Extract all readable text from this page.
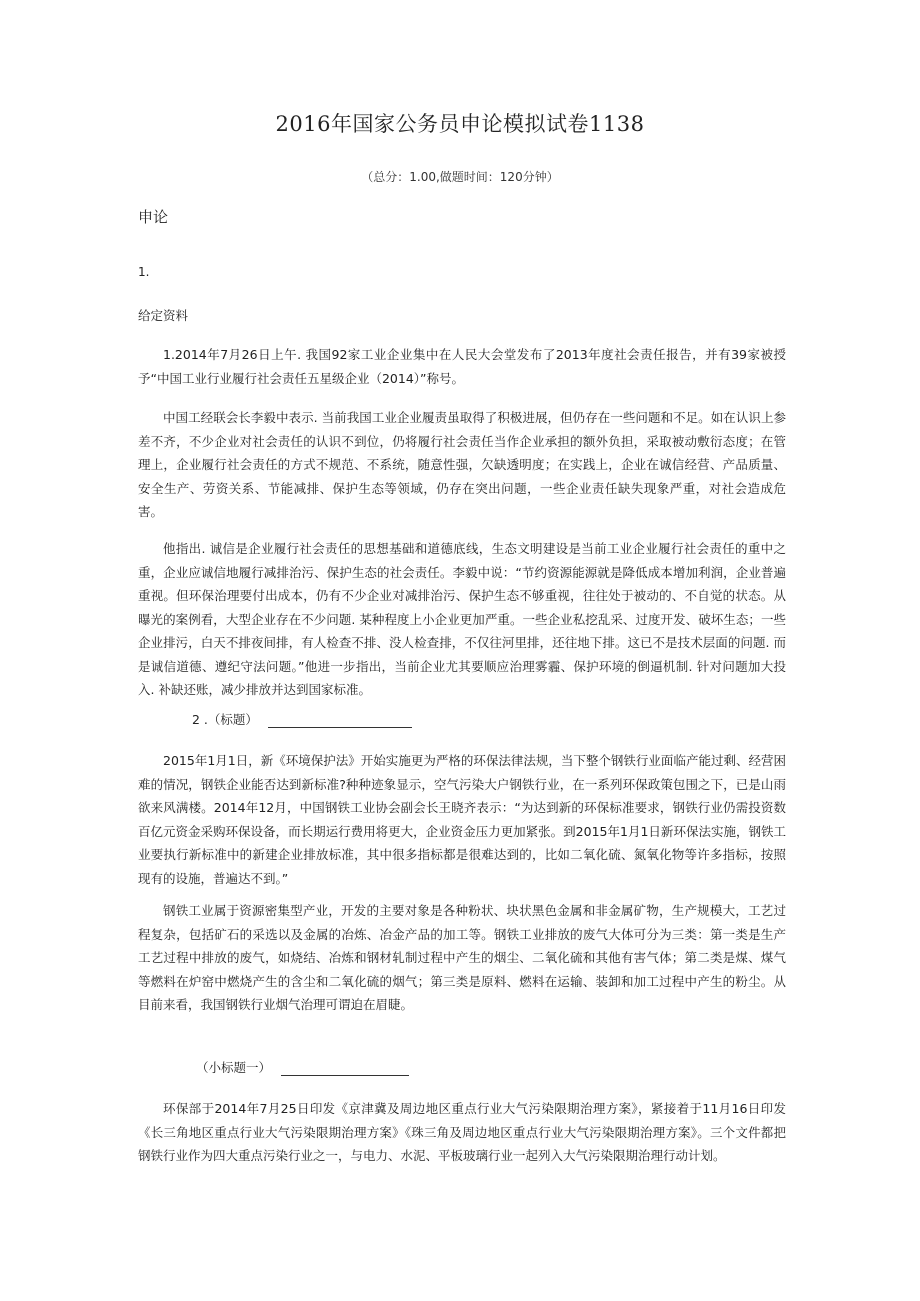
2016年国家公务员申论模拟试卷1138
（总分：1.00,做题时间：120分钟）
申论
1.
给定资料

1.2014年7月26日上午. 我国92家工业企业集中在人民大会堂发布了2013年度社会责任报告，并有39家被授予“中国工业行业履行社会责任五星级企业（2014）”称号。

中国工经联会长李毅中表示. 当前我国工业企业履责虽取得了积极进展，但仍存在一些问题和不足。如在认识上参差不齐，不少企业对社会责任的认识不到位，仍将履行社会责任当作企业承担的额外负担，采取被动敷衍态度；在管理上，企业履行社会责任的方式不规范、不系统，随意性强，欠缺透明度；在实践上，企业在诚信经营、产品质量、安全生产、劳资关系、节能减排、保护生态等领域，仍存在突出问题，一些企业责任缺失现象严重，对社会造成危害。

他指出. 诚信是企业履行社会责任的思想基础和道德底线，生态文明建设是当前工业企业履行社会责任的重中之重，企业应诚信地履行减排治污、保护生态的社会责任。李毅中说：“节约资源能源就是降低成本增加利润，企业普遍重视。但环保治理要付出成本，仍有不少企业对减排治污、保护生态不够重视，往往处于被动的、不自觉的状态。从曝光的案例看，大型企业存在不少问题. 某种程度上小企业更加严重。一些企业私挖乱采、过度开发、破坏生态；一些企业排污，白天不排夜间排，有人检查不排、没人检查排，不仅往河里排，还往地下排。这已不是技术层面的问题. 而是诚信道德、遵纪守法问题。”他进一步指出，当前企业尤其要顺应治理雾霾、保护环境的倒逼机制. 针对问题加大投入. 补缺还账，减少排放并达到国家标准。

2 .（标题）

2015年1月1日，新《环境保护法》开始实施更为严格的环保法律法规，当下整个钢铁行业面临产能过剩、经营困难的情况，钢铁企业能否达到新标准?种种迹象显示，空气污染大户钢铁行业，在一系列环保政策包围之下，已是山雨欲来风满楼。2014年12月，中国钢铁工业协会副会长王晓齐表示：“为达到新的环保标准要求，钢铁行业仍需投资数百亿元资金采购环保设备，而长期运行费用将更大，企业资金压力更加紧张。到2015年1月1日新环保法实施，钢铁工业要执行新标准中的新建企业排放标准，其中很多指标都是很难达到的，比如二氧化硫、氮氧化物等许多指标，按照现有的设施，普遍达不到。”

钢铁工业属于资源密集型产业，开发的主要对象是各种粉状、块状黑色金属和非金属矿物，生产规模大，工艺过程复杂，包括矿石的采选以及金属的冶炼、冶金产品的加工等。钢铁工业排放的废气大体可分为三类：第一类是生产工艺过程中排放的废气，如烧结、冶炼和钢材轧制过程中产生的烟尘、二氧化硫和其他有害气体；第二类是煤、煤气等燃料在炉窑中燃烧产生的含尘和二氧化硫的烟气；第三类是原料、燃料在运输、装卸和加工过程中产生的粉尘。从目前来看，我国钢铁行业烟气治理可谓迫在眉睫。

（小标题一）

环保部于2014年7月25日印发《京津冀及周边地区重点行业大气污染限期治理方案》，紧接着于11月16日印发《长三角地区重点行业大气污染限期治理方案》《珠三角及周边地区重点行业大气污染限期治理方案》。三个文件都把钢铁行业作为四大重点污染行业之一，与电力、水泥、平板玻璃行业一起列入大气污染限期治理行动计划。
